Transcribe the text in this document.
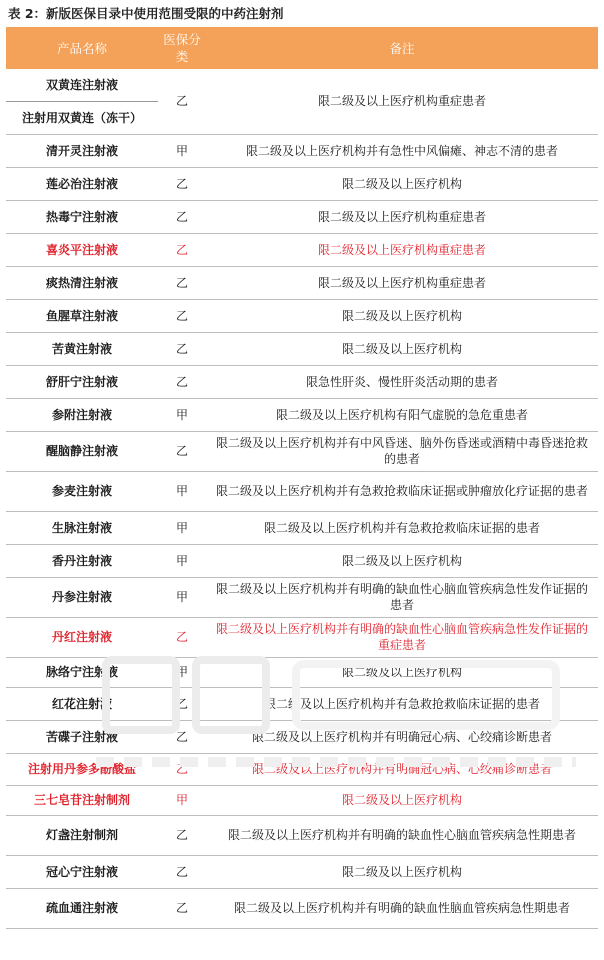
表 2：新版医保目录中使用范围受限的中药注射剂
产品名称	医保分类	备注
双黄连注射液	乙	限二级及以上医疗机构重症患者
注射用双黄连（冻干）		
清开灵注射液	甲	限二级及以上医疗机构并有急性中风偏瘫、神志不清的患者
莲必治注射液	乙	限二级及以上医疗机构
热毒宁注射液	乙	限二级及以上医疗机构重症患者
喜炎平注射液	乙	限二级及以上医疗机构重症患者
痰热清注射液	乙	限二级及以上医疗机构重症患者
鱼腥草注射液	乙	限二级及以上医疗机构
苦黄注射液	乙	限二级及以上医疗机构
舒肝宁注射液	乙	限急性肝炎、慢性肝炎活动期的患者
参附注射液	甲	限二级及以上医疗机构有阳气虚脱的急危重患者
醒脑静注射液	乙	限二级及以上医疗机构并有中风昏迷、脑外伤昏迷或酒精中毒昏迷抢救的患者
参麦注射液	甲	限二级及以上医疗机构并有急救抢救临床证据或肿瘤放化疗证据的患者
生脉注射液	甲	限二级及以上医疗机构并有急救抢救临床证据的患者
香丹注射液	甲	限二级及以上医疗机构
丹参注射液	甲	限二级及以上医疗机构并有明确的缺血性心脑血管疾病急性发作证据的患者
丹红注射液	乙	限二级及以上医疗机构并有明确的缺血性心脑血管疾病急性发作证据的重症患者
脉络宁注射液	甲	限二级及以上医疗机构
红花注射液	乙	限二级及以上医疗机构并有急救抢救临床证据的患者
苦碟子注射液	乙	限二级及以上医疗机构并有明确冠心病、心绞痛诊断患者
注射用丹参多酚酸盐	乙	限二级及以上医疗机构并有明确冠心病、心绞痛诊断患者
三七皂苷注射制剂	甲	限二级及以上医疗机构
灯盏注射制剂	乙	限二级及以上医疗机构并有明确的缺血性心脑血管疾病急性期患者
冠心宁注射液	乙	限二级及以上医疗机构
疏血通注射液	乙	限二级及以上医疗机构并有明确的缺血性脑血管疾病急性期患者
